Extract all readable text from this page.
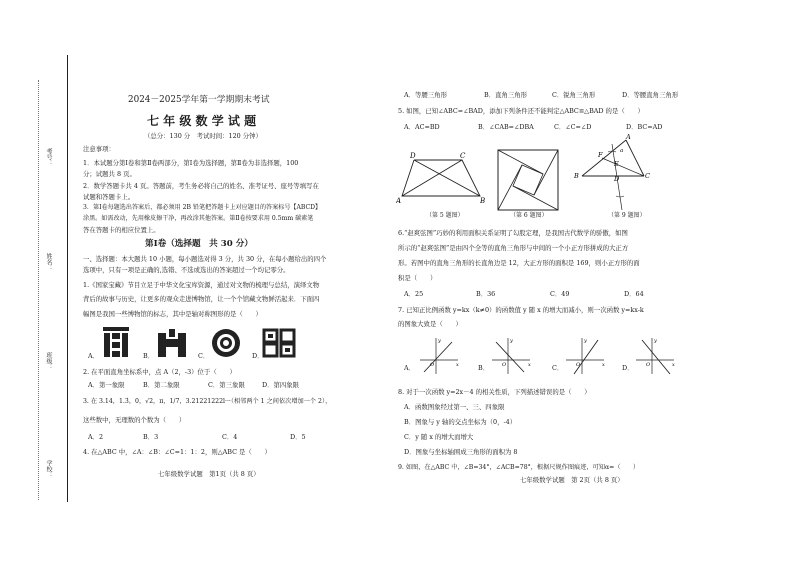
考号：
姓名：
班级：
学校：
2024－2025学年第一学期期末考试
七 年 级 数 学 试 题
（总分：130 分　考试时间：120 分钟）
注意事项：
1．本试题分第Ⅰ卷和第Ⅱ卷两部分，第Ⅰ卷为选择题，第Ⅱ卷为非选择题，100
分；试题共 8 页。
2．数学答题卡共 4 页。答题前，考生务必将自己的姓名、准考证号、座号等填写在
试题和答题卡上。
3．第Ⅰ卷每题选出答案后，都必须用 2B 铅笔把答题卡上对应题目的答案标号【ABCD】
涂黑。如需改动，先用橡皮擦干净，再改涂其他答案。第Ⅱ卷按要求用 0.5mm 碳素笔
答在答题卡的相应位置上。
第Ⅰ卷（选择题　共 30 分）
一、选择题：本大题共 10 小题，每小题选对得 3 分，共 30 分，在每小题给出的四个
选项中，只有一项是正确的,选错、不选或选出的答案超过一个均记零分。
1.《国家宝藏》节目立足于中华文化宝库资源，通过对文物的梳理与总结，演绎文物
背后的故事与历史，让更多的观众走进博物馆，让一个个馆藏文物鲜活起来．下面四
幅图是我国一些博物馆的标志，其中是轴对称图形的是（　　）
A．	B．	C．	D．
2. 在平面直角坐标系中，点 A（2，-3）位于（　　）
A．第一象限	B．第二象限	C．第三象限	D．第四象限
3. 在 3.14，1.3̇，0，√2，π，1/7，3.21221222l···（相邻两个 1 之间依次增加一个 2），
这些数中，无理数的个数为（　　）
A．2	B．3	C．4	D．5
4. 在△ABC 中，∠A：∠B：∠C=1：1：2，则△ABC 是（　　）
七年级数学试题　第1页（共 8 页）
A．等腰三角形	B．直角三角形	C．锐角三角形	D．等腰直角三角形
5. 如图，已知∠ABC=∠BAD，添加下列条件还不能判定△ABC≌△BAD 的是（　　）
A．AC=BD	B．∠CAB=∠DBA	C．∠C=∠D	D．BC=AD
D	C
A	B
（第 5 题图）	（第 6 题图）
A
F
E
B	C
D
a
（第 9 题图）
6.“赵爽弦图”巧妙的利用面积关系证明了勾股定理，是我国古代数学的骄傲，如图
所示的“赵爽弦图”是由四个全等的直角三角形与中间的一个小正方形拼成的大正方
形。若图中的直角三角形的长直角边是 12，大正方形的面积是 169，则小正方形的面
积是（　　）
A．25	B．36	C．49	D．64
7. 已知正比例函数 y=kx（k≠0）的函数值 y 随 x 的增大而减小，则一次函数 y=kx-k
的图象大致是（　　）
A．	O	x
y
B．	O	x
y
C．	O	x
y
D． O	x
y
8. 对于一次函数 y=2x－4 的相关性质，下列描述错误的是（　　）
A．函数图象经过第一、三、四象限
B．图象与 y 轴的交点坐标为（0，-4）
C．y 随 x 的增大而增大
D．图象与坐标轴围成三角形的面积为 8
9. 如图，在△ABC 中，∠B=34°，∠ACB=78°，根据尺规作图痕迹，可知α=（　　）
七年级数学试题　第 2页（共 8 页）
